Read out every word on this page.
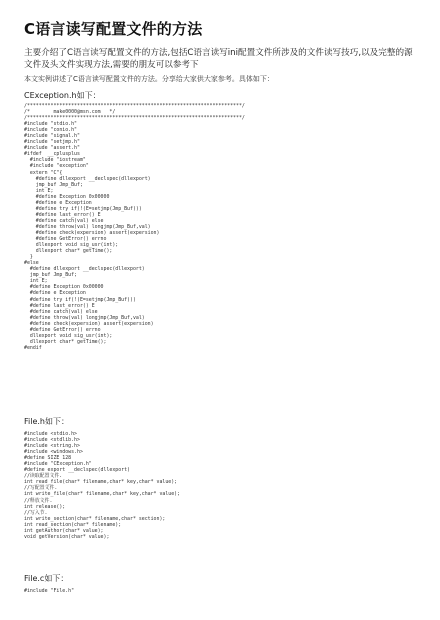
C语言读写配置文件的方法
主要介绍了C语言读写配置文件的方法,包括C语言读写ini配置文件所涉及的文件读写技巧,以及完整的源文件及头文件实现方法,需要的朋友可以参考下
本文实例讲述了C语言读写配置文件的方法。分享给大家供大家参考。具体如下：
CException.h如下：
/*************************************************************************/
/*        make0000@msn.com   */
/*************************************************************************/
#include "stdio.h"
#include "conio.h"
#include "signal.h"
#include "setjmp.h"
#include "assert.h"
#ifdef  __cplusplus
#include "iostream"
#include "exception"
extern "C"{
#define dllexport __declspec(dllexport)
jmp_buf Jmp_Buf;
int E;
#define Exception 0x00000
#define e Exception
#define try if(!(E=setjmp(Jmp_Buf)))
#define last_error() E
#define catch(val) else
#define throw(val) longjmp(Jmp_Buf,val)
#define check(expersion) assert(expersion)
#define GetError() errno
dllexport void sig_usr(int);
dllexport char* getTime();
}
#else
#define dllexport __declspec(dllexport)
jmp_buf Jmp_Buf;
int E;
#define Exception 0x00000
#define e Exception
#define try if(!(E=setjmp(Jmp_Buf)))
#define last_error() E
#define catch(val) else
#define throw(val) longjmp(Jmp_Buf,val)
#define check(expersion) assert(expersion)
#define GetError() errno
dllexport void sig_usr(int);
dllexport char* getTime();
#endif
File.h如下：
#include <stdio.h>
#include <stdlib.h>
#include <string.h>
#include <windows.h>
#define SIZE 128
#include "CException.h"
#define export __declspec(dllexport)
//读取配置文件.
int read_file(char* filename,char* key,char* value);
//写配置文件.
int write_file(char* filename,char* key,char* value);
//释放文件.
int release();
//写入节.
int write_section(char* filename,char* section);
int read_section(char* filename);
int getAuthor(char* value);
void getVersion(char* value);
File.c如下：
#include "File.h"
